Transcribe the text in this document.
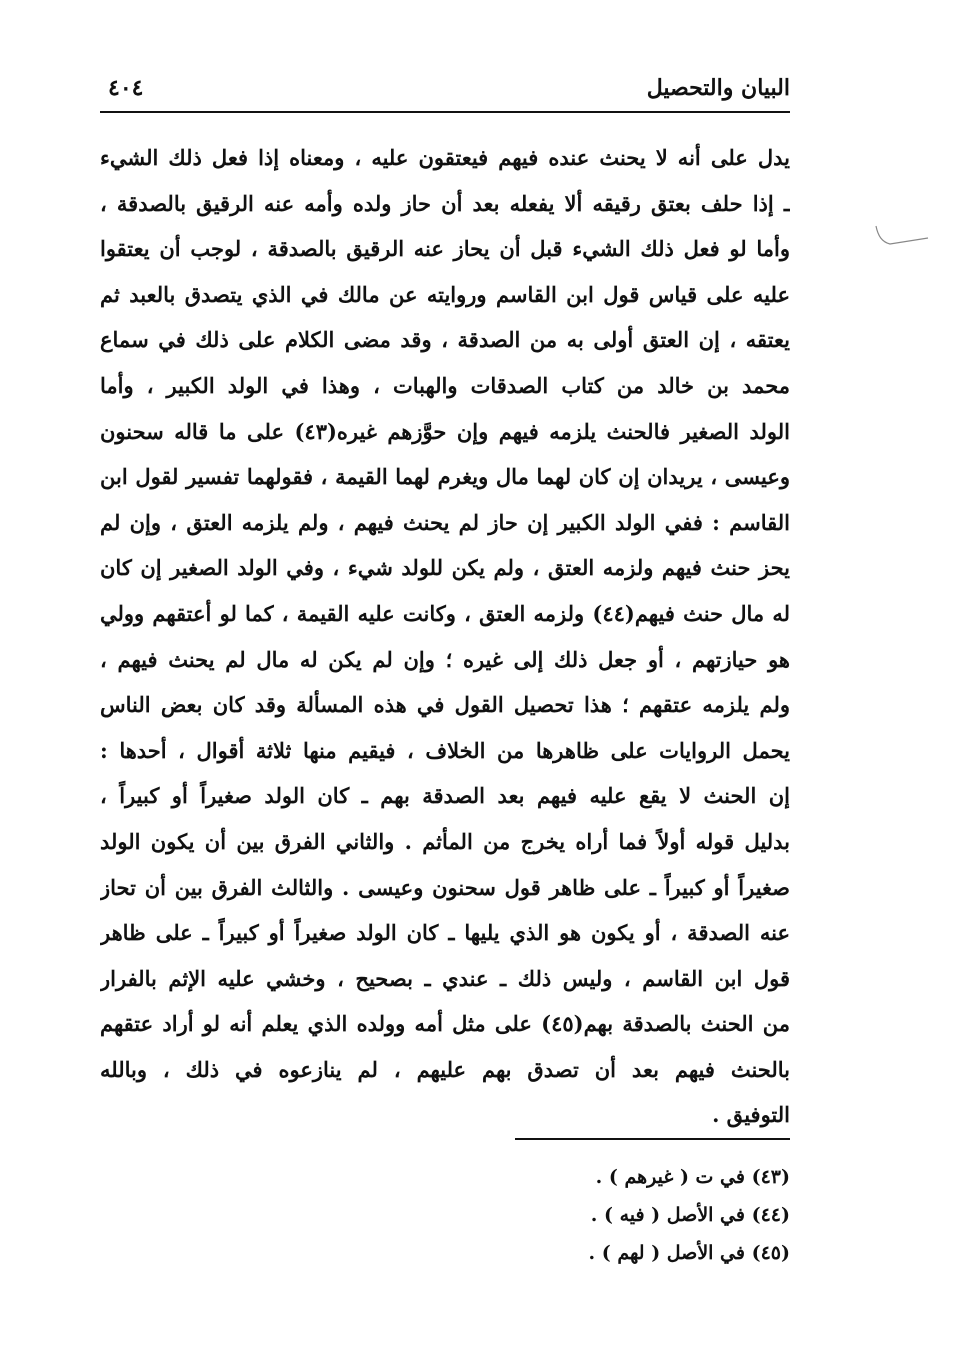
البيان والتحصيل
٤٠٤
يدل على أنه لا يحنث عنده فيهم فيعتقون عليه ، ومعناه إذا فعل ذلك الشيء
ـ إذا حلف بعتق رقيقه ألا يفعله بعد أن حاز ولده وأمه عنه الرقيق بالصدقة ،
وأما لو فعل ذلك الشيء قبل أن يحاز عنه الرقيق بالصدقة ، لوجب أن يعتقوا
عليه على قياس قول ابن القاسم وروايته عن مالك في الذي يتصدق بالعبد ثم
يعتقه ، إن العتق أولى به من الصدقة ، وقد مضى الكلام على ذلك في سماع
محمد بن خالد من كتاب الصدقات والهبات ، وهذا في الولد الكبير ، وأما
الولد الصغير فالحنث يلزمه فيهم وإن حوَّزهم غيره(٤٣) على ما قاله سحنون
وعيسى ، يريدان إن كان لهما مال ويغرم لهما القيمة ، فقولهما تفسير لقول ابن
القاسم : ففي الولد الكبير إن حاز لم يحنث فيهم ، ولم يلزمه العتق ، وإن لم
يحز حنث فيهم ولزمه العتق ، ولم يكن للولد شيء ، وفي الولد الصغير إن كان
له مال حنث فيهم(٤٤) ولزمه العتق ، وكانت عليه القيمة ، كما لو أعتقهم وولي
هو حيازتهم ، أو جعل ذلك إلى غيره ؛ وإن لم يكن له مال لم يحنث فيهم ،
ولم يلزمه عتقهم ؛ هذا تحصيل القول في هذه المسألة وقد كان بعض الناس
يحمل الروايات على ظاهرها من الخلاف ، فيقيم منها ثلاثة أقوال ، أحدها :
إن الحنث لا يقع عليه فيهم بعد الصدقة بهم ـ كان الولد صغيراً أو كبيراً ،
بدليل قوله أولاً فما أراه يخرج من المأثم . والثاني الفرق بين أن يكون الولد
صغيراً أو كبيراً ـ على ظاهر قول سحنون وعيسى . والثالث الفرق بين أن تحاز
عنه الصدقة ، أو يكون هو الذي يليها ـ كان الولد صغيراً أو كبيراً ـ على ظاهر
قول ابن القاسم ، وليس ذلك ـ عندي ـ بصحيح ، وخشي عليه الإثم بالفرار
من الحنث بالصدقة بهم(٤٥) على مثل أمه وولده الذي يعلم أنه لو أراد عتقهم
بالحنث فيهم بعد أن تصدق بهم عليهم ، لم ينازعوه في ذلك ، وبالله
التوفيق .
(٤٣) في ت ( غيرهم ) .
(٤٤) في الأصل ( فيه ) .
(٤٥) في الأصل ( لهم ) .
